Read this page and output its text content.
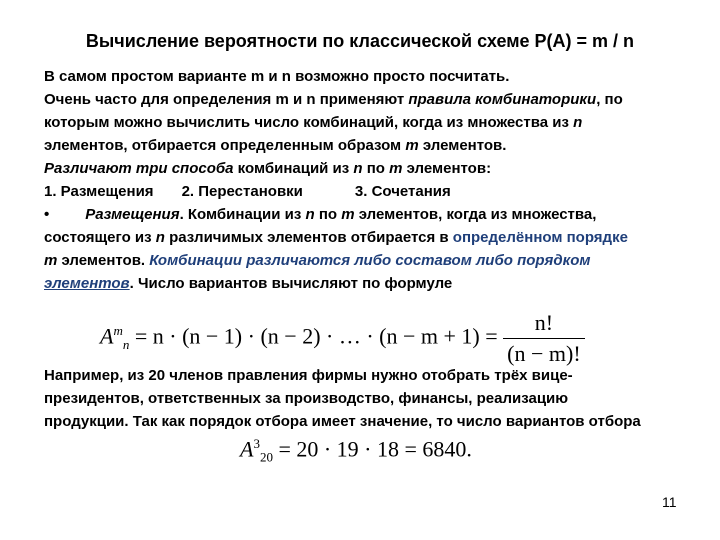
Вычисление вероятности по классической схеме P(A) = m / n
В самом простом варианте m и n возможно просто посчитать.
Очень часто для определения m и n применяют правила комбинаторики, по
которым можно вычислить число комбинаций, когда из множества из n
элементов, отбирается определенным образом m элементов.
Различают три способа комбинаций из n по m элементов:
1. Размещения 2. Перестановки	3. Сочетания
• Размещения. Комбинации из n по m элементов, когда из множества,
состоящего из n различимых элементов отбирается в определённом порядке
m элементов. Комбинации различаются либо составом либо порядком
элементов. Число вариантов вычисляют по формуле
$A^m_n = n \cdot (n - 1) \cdot (n - 2)$ · … · $(n - m + 1) = \frac{n!}{(n - m)!}$
Например, из 20 членов правления фирмы нужно отобрать трёх вице-
президентов, ответственных за производство, финансы, реализацию
продукции. Так как порядок отбора имеет значение, то число вариантов отбора
$A^3_{20} = 20 \cdot 19 \cdot 18 = 6840$.
11
